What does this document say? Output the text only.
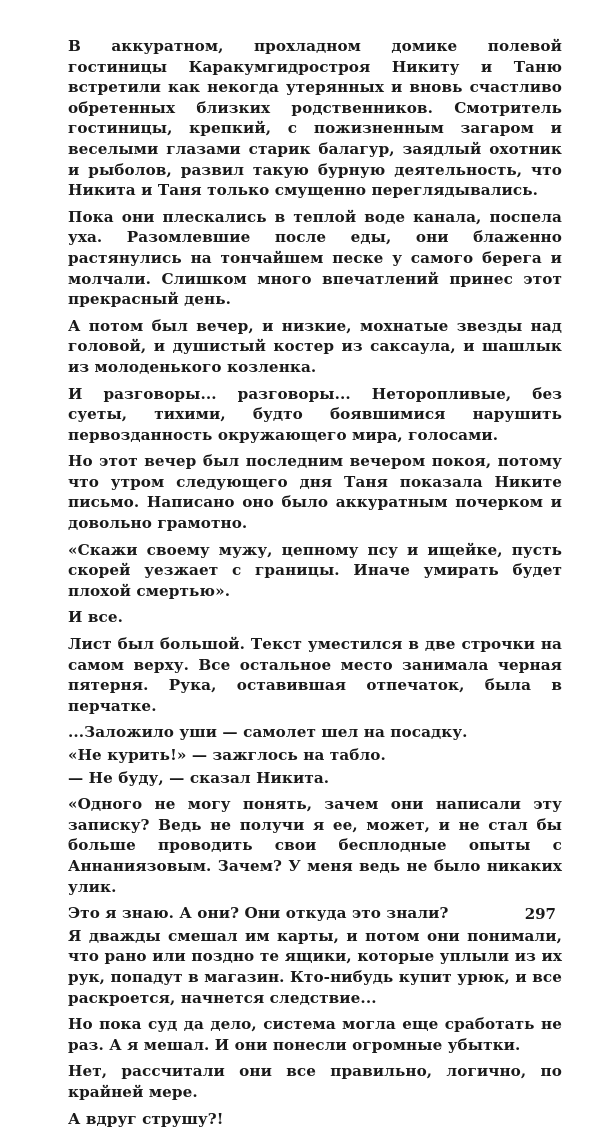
В аккуратном, прохладном домике полевой гостиницы Каракумгидростроя Никиту и Таню встретили как некогда утерянных и вновь счастливо обретенных близких родственников. Смотритель гостиницы, крепкий, с пожизненным загаром и веселыми глазами старик балагур, заядлый охотник и рыболов, развил такую бурную деятельность, что Никита и Таня только смущенно переглядывались.

Пока они плескались в теплой воде канала, поспела уха. Разомлевшие после еды, они блаженно растянулись на тончайшем песке у самого берега и молчали. Слишком много впечатлений принес этот прекрасный день.

А потом был вечер, и низкие, мохнатые звезды над головой, и душистый костер из саксаула, и шашлык из молоденького козленка.

И разговоры... разговоры... Неторопливые, без суеты, тихими, будто боявшимися нарушить первозданность окружающего мира, голосами.

Но этот вечер был последним вечером покоя, потому что утром следующего дня Таня показала Никите письмо. Написано оно было аккуратным почерком и довольно грамотно.

«Скажи своему мужу, цепному псу и ищейке, пусть скорей уезжает с границы. Иначе умирать будет плохой смертью».

И все.

Лист был большой. Текст уместился в две строчки на самом верху. Все остальное место занимала черная пятерня. Рука, оставившая отпечаток, была в перчатке.

...Заложило уши — самолет шел на посадку.

«Не курить!» — зажглось на табло.

— Не буду, — сказал Никита.

«Одного не могу понять, зачем они написали эту записку? Ведь не получи я ее, может, и не стал бы больше проводить свои бесплодные опыты с Аннаниязовым. Зачем? У меня ведь не было никаких улик.

Это я знаю. А они? Они откуда это знали?

Я дважды смешал им карты, и потом они понимали, что рано или поздно те ящики, которые уплыли из их рук, попадут в магазин. Кто-нибудь купит урюк, и все раскроется, начнется следствие...

Но пока суд да дело, система могла еще сработать не раз. А я мешал. И они понесли огромные убытки.

Нет, рассчитали они все правильно, логично, по крайней мере.

А вдруг струшу?!

297
